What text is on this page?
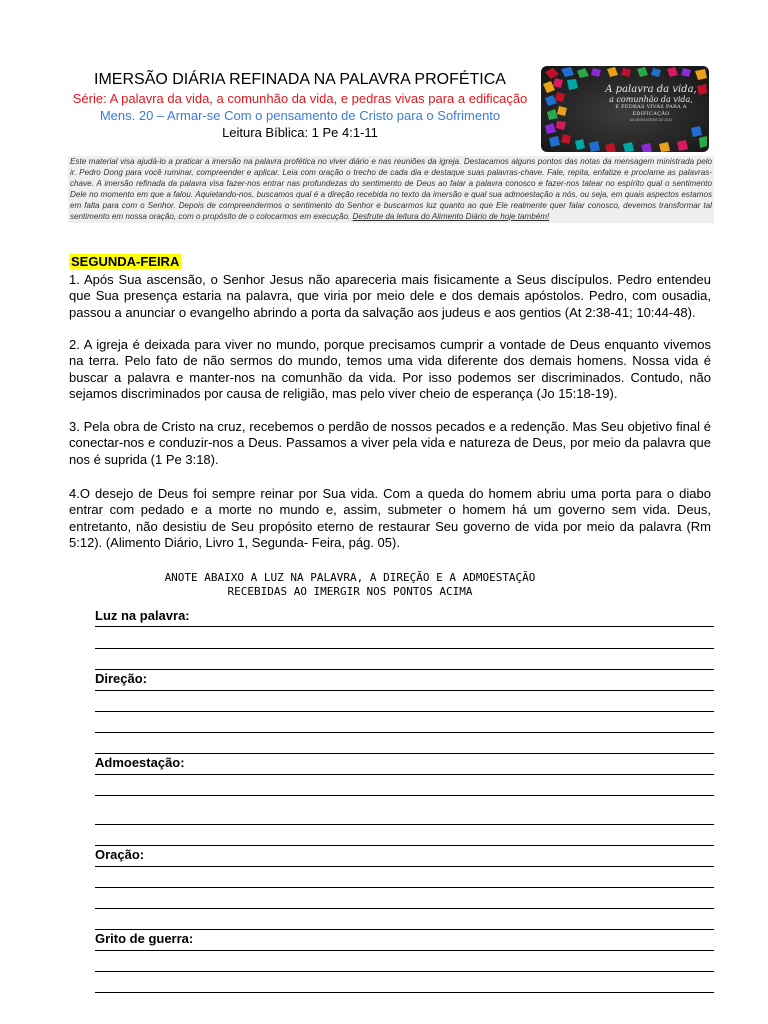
IMERSÃO DIÁRIA REFINADA NA PALAVRA PROFÉTICA
Série: A palavra da vida, a comunhão da vida, e pedras vivas para a edificação
Mens. 20 – Armar-se Com o pensamento de Cristo para o Sofrimento
Leitura Bíblica: 1 Pe 4:1-11
A palavra da vida,
a comunhão da vida,
E PEDRAS VIVAS PARA A EDIFICAÇÃO
AS MENSAGENS DE 2022
Este material visa ajudá-lo a praticar a imersão na palavra profética no viver diário e nas reuniões da igreja. Destacamos alguns pontos das notas da mensagem ministrada pelo ir. Pedro Dong para você ruminar, compreender e aplicar. Leia com oração o trecho de cada dia e destaque suas palavras-chave. Fale, repita, enfatize e proclame as palavras-chave. A imersão refinada da palavra visa fazer-nos entrar nas profundezas do sentimento de Deus ao falar a palavra conosco e fazer-nos tatear no espírito qual o sentimento Dele no momento em que a falou. Aquietando-nos, buscamos qual é a direção recebida no texto da imersão e qual sua admoestação a nós, ou seja, em quais aspectos estamos em falta para com o Senhor. Depois de compreendermos o sentimento do Senhor e buscarmos luz quanto ao que Ele realmente quer falar conosco, devemos transformar tal sentimento em nossa oração, com o propósito de o colocarmos em execução. Desfrute da leitura do Alimento Diário de hoje também!
SEGUNDA-FEIRA

1. Após Sua ascensão, o Senhor Jesus não apareceria mais fisicamente a Seus discípulos. Pedro entendeu que Sua presença estaria na palavra, que viria por meio dele e dos demais apóstolos. Pedro, com ousadia, passou a anunciar o evangelho abrindo a porta da salvação aos judeus e aos gentios (At 2:38-41; 10:44-48).

2. A igreja é deixada para viver no mundo, porque precisamos cumprir a vontade de Deus enquanto vivemos na terra. Pelo fato de não sermos do mundo, temos uma vida diferente dos demais homens. Nossa vida é buscar a palavra e manter-nos na comunhão da vida. Por isso podemos ser discriminados. Contudo, não sejamos discriminados por causa de religião, mas pelo viver cheio de esperança (Jo 15:18-19).

3. Pela obra de Cristo na cruz, recebemos o perdão de nossos pecados e a redenção. Mas Seu objetivo final é conectar-nos e conduzir-nos a Deus. Passamos a viver pela vida e natureza de Deus, por meio da palavra que nos é suprida (1 Pe 3:18).

4.O desejo de Deus foi sempre reinar por Sua vida. Com a queda do homem abriu uma porta para o diabo entrar com pedado e a morte no mundo e, assim, submeter o homem há um governo sem vida. Deus, entretanto, não desistiu de Seu propósito eterno de restaurar Seu governo de vida por meio da palavra (Rm 5:12). (Alimento Diário, Livro 1, Segunda- Feira, pág. 05).

ANOTE ABAIXO A LUZ NA PALAVRA, A DIREÇÃO E A ADMOESTAÇÃO
RECEBIDAS AO IMERGIR NOS PONTOS ACIMA
Luz na palavra:
Direção:
Admoestação:
Oração:
Grito de guerra:
